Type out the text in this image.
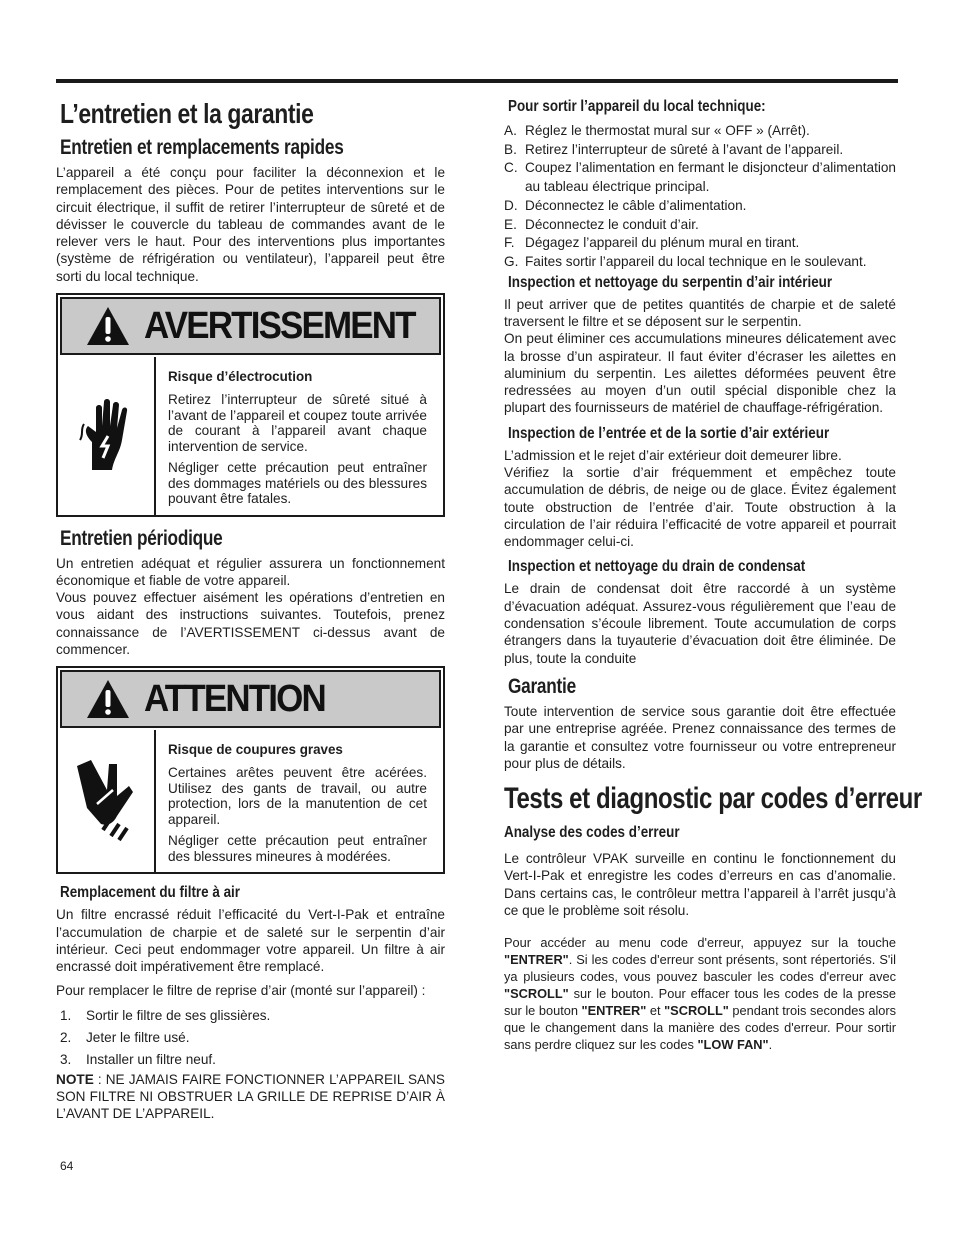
L’entretien et la garantie
Entretien et remplacements rapides

L’appareil a été conçu pour faciliter la déconnexion et le remplacement des pièces. Pour de petites interventions sur le circuit électrique, il suffit de retirer l’interrupteur de sûreté et de dévisser le couvercle du tableau de commandes avant de le relever vers le haut. Pour des interventions plus importantes (système de réfrigération ou ventilateur), l’appareil peut être sorti du local technique.

AVERTISSEMENT
Risque d’électrocution

Retirez l’interrupteur de sûreté situé à l’avant de l’appareil et coupez toute arrivée de courant à l’appareil avant chaque intervention de service.

Négliger cette précaution peut entraîner des dommages matériels ou des blessures pouvant être fatales.

Entretien périodique

Un entretien adéquat et régulier assurera un fonctionnement économique et fiable de votre appareil.

Vous pouvez effectuer aisément les opérations d’entretien en vous aidant des instructions suivantes. Toutefois, prenez connaissance de l’AVERTISSEMENT ci-dessus avant de commencer.

ATTENTION
Risque de coupures graves

Certaines arêtes peuvent être acérées. Utilisez des gants de travail, ou autre protection, lors de la manutention de cet appareil.

Négliger cette précaution peut entraîner des blessures mineures à modérées.

Remplacement du filtre à air

Un filtre encrassé réduit l’efficacité du Vert-I-Pak et entraîne l’accumulation de charpie et de saleté sur le serpentin d’air intérieur. Ceci peut endommager votre appareil. Un filtre à air encrassé doit impérativement être remplacé.

Pour remplacer le filtre de reprise d’air (monté sur l’appareil) :

1.	Sortir le filtre de ses glissières.
2.	Jeter le filtre usé.
3.	Installer un filtre neuf.

NOTE : NE JAMAIS FAIRE FONCTIONNER L’APPAREIL SANS SON FILTRE NI OBSTRUER LA GRILLE DE REPRISE D’AIR À L’AVANT DE L’APPAREIL.

64
Pour sortir l’appareil du local technique:
A. Réglez le thermostat mural sur « OFF » (Arrêt).
B. Retirez l’interrupteur de sûreté à l’avant de l’appareil.
C. Coupez l’alimentation en fermant le disjoncteur d’alimentation au tableau électrique principal.
D. Déconnectez le câble d’alimentation.
E. Déconnectez le conduit d’air.
F. Dégagez l’appareil du plénum mural en tirant.
G. Faites sortir l’appareil du local technique en le soulevant.
Inspection et nettoyage du serpentin d’air intérieur

Il peut arriver que de petites quantités de charpie et de saleté traversent le filtre et se déposent sur le serpentin.

On peut éliminer ces accumulations mineures délicatement avec la brosse d’un aspirateur. Il faut éviter d’écraser les ailettes en aluminium du serpentin. Les ailettes déformées peuvent être redressées au moyen d’un outil spécial disponible chez la plupart des fournisseurs de matériel de chauffage-réfrigération.

Inspection de l’entrée et de la sortie d’air extérieur

L’admission et le rejet d’air extérieur doit demeurer libre.

Vérifiez la sortie d’air fréquemment et empêchez toute accumulation de débris, de neige ou de glace. Évitez également toute obstruction de l’entrée d’air. Toute obstruction à la circulation de l’air réduira l’efficacité de votre appareil et pourrait endommager celui-ci.

Inspection et nettoyage du drain de condensat

Le drain de condensat doit être raccordé à un système d’évacuation adéquat. Assurez-vous régulièrement que l’eau de condensation s’écoule librement. Toute accumulation de corps étrangers dans la tuyauterie d’évacuation doit être éliminée. De plus, toute la conduite

Garantie

Toute intervention de service sous garantie doit être effectuée par une entreprise agréée. Prenez connaissance des termes de la garantie et consultez votre fournisseur ou votre entrepreneur pour plus de détails.

Tests et diagnostic par codes d’erreur
Analyse des codes d’erreur

Le contrôleur VPAK surveille en continu le fonctionnement du Vert-I-Pak et enregistre les codes d’erreurs en cas d’anomalie. Dans certains cas, le contrôleur mettra l’appareil à l’arrêt jusqu’à ce que le problème soit résolu.

Pour accéder au menu code d'erreur, appuyez sur la touche "ENTRER". Si les codes d'erreur sont présents, sont répertoriés. S'il ya plusieurs codes, vous pouvez basculer les codes d'erreur avec "SCROLL" sur le bouton. Pour effacer tous les codes de la presse sur le bouton "ENTRER" et "SCROLL" pendant trois secondes alors que le changement dans la manière des codes d'erreur. Pour sortir sans perdre cliquez sur les codes "LOW FAN".
